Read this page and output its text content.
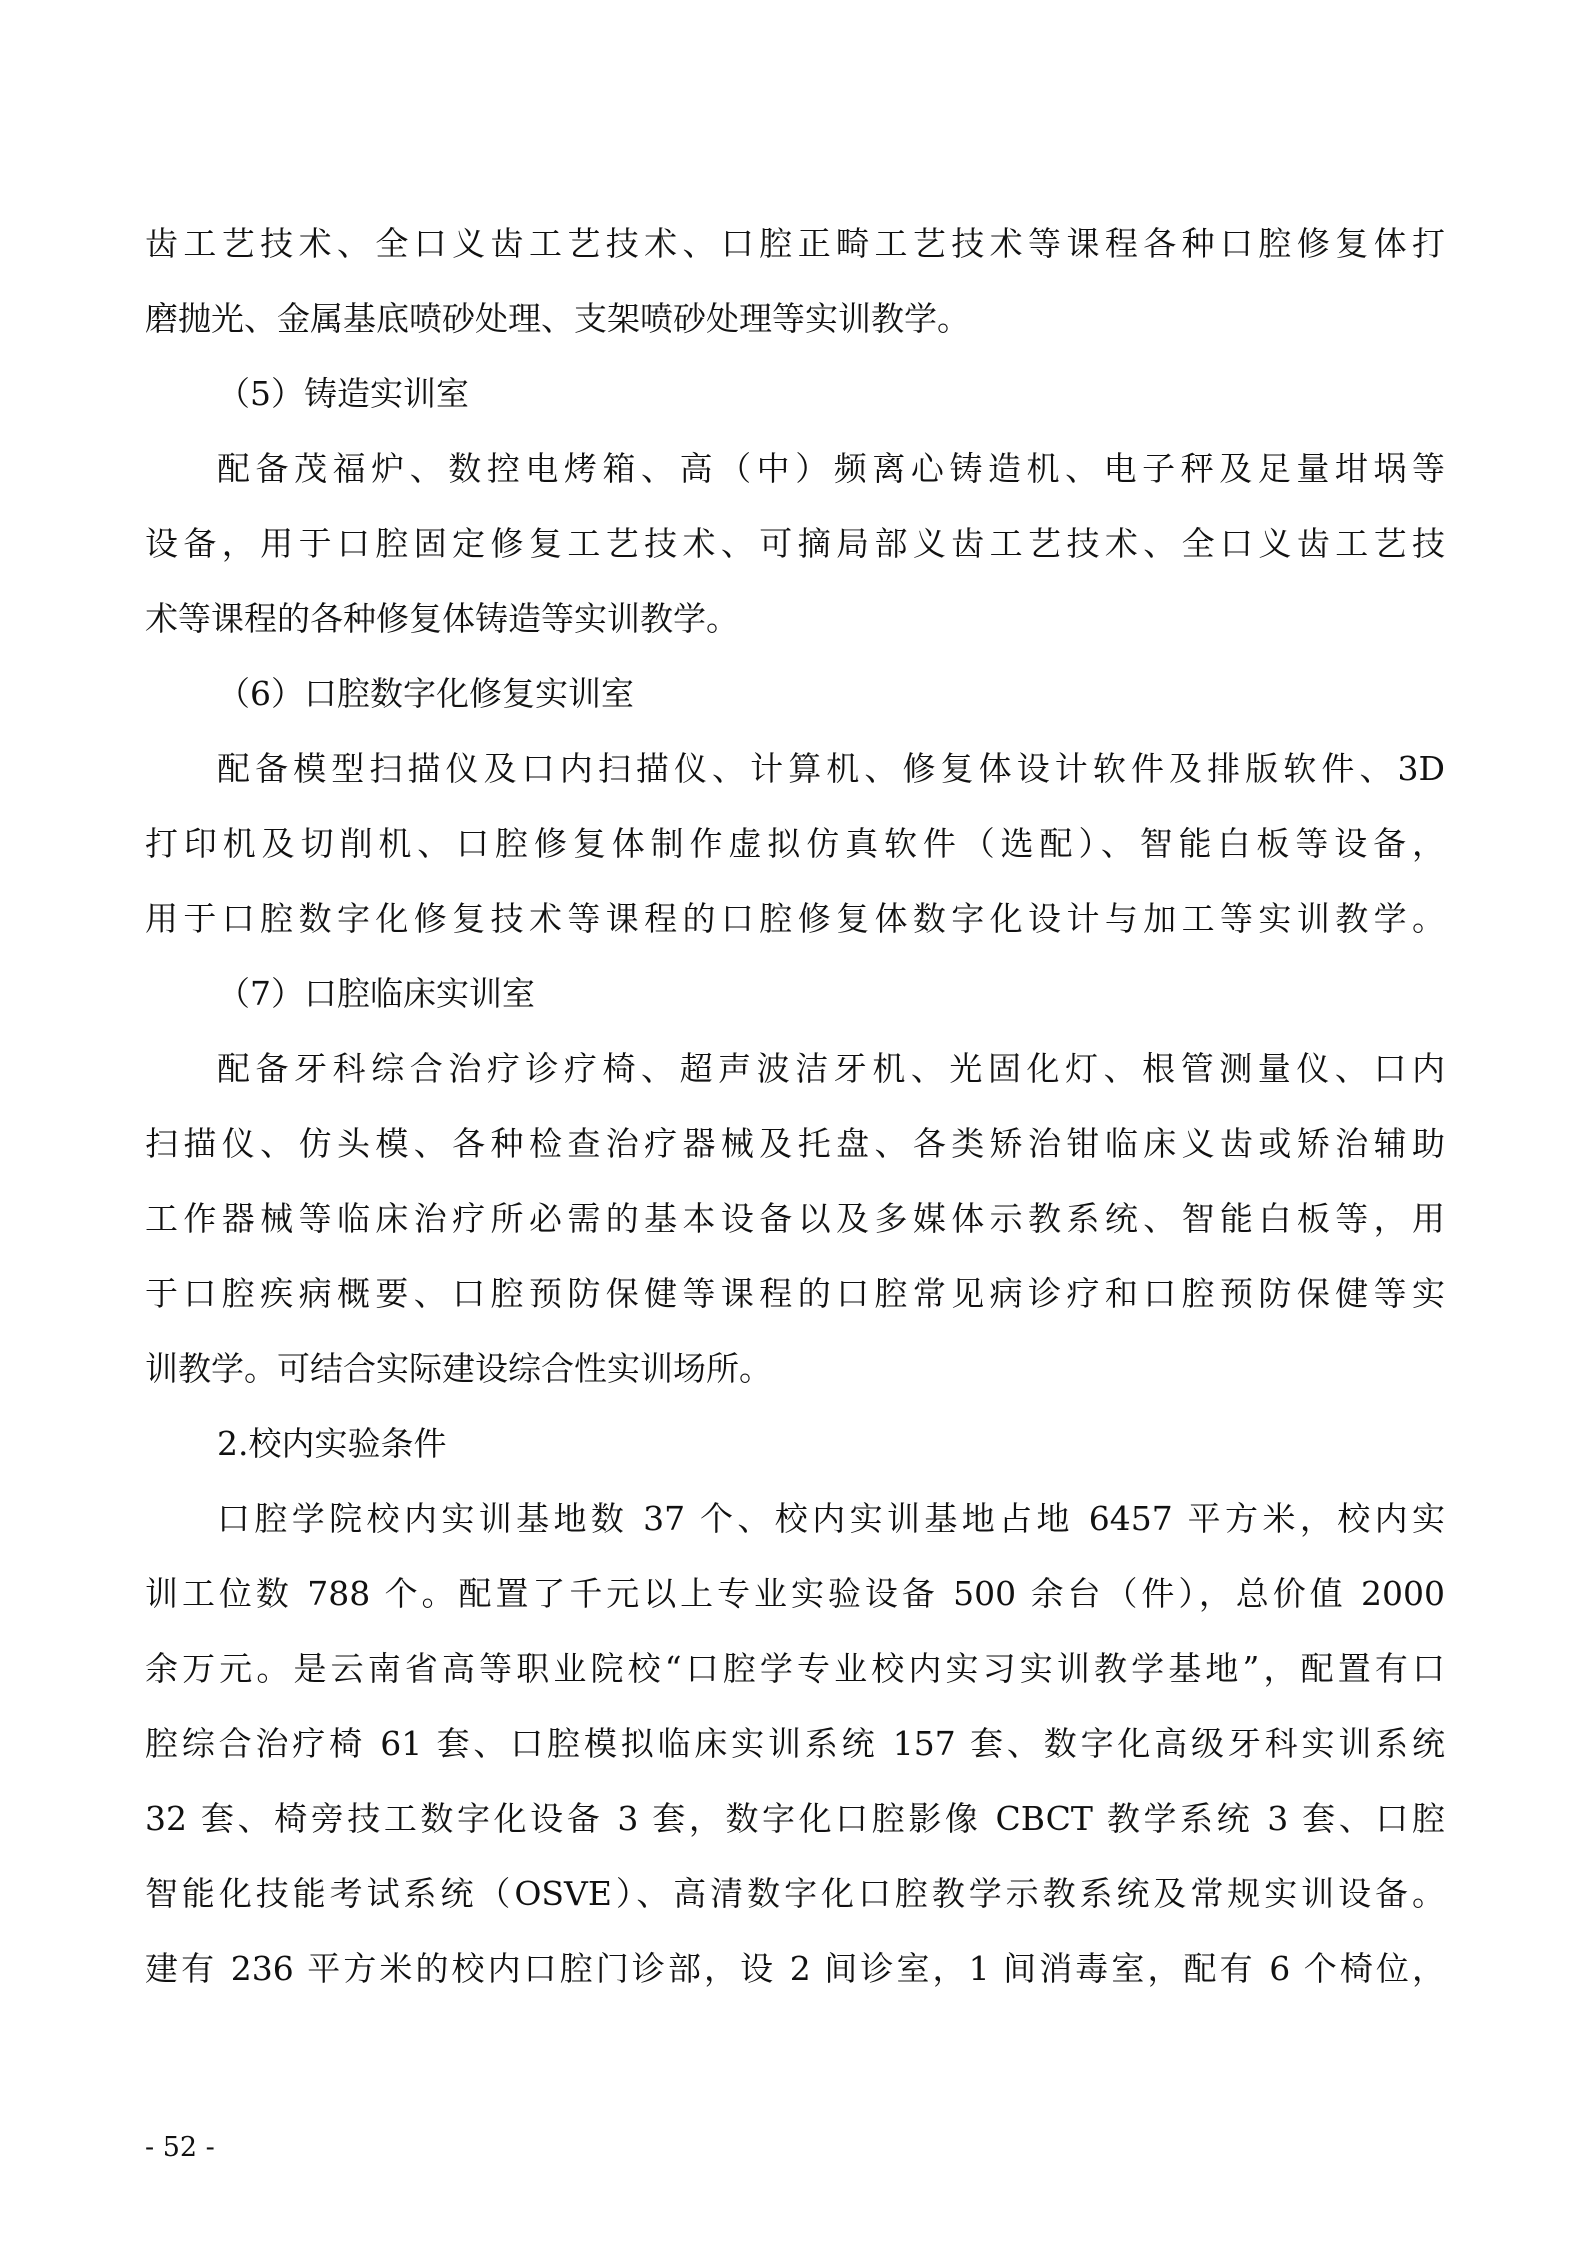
齿工艺技术、全口义齿工艺技术、口腔正畸工艺技术等课程各种口腔修复体打
磨抛光、金属基底喷砂处理、支架喷砂处理等实训教学。
（5）铸造实训室
配备茂福炉、数控电烤箱、高（中）频离心铸造机、电子秤及足量坩埚等
设备，用于口腔固定修复工艺技术、可摘局部义齿工艺技术、全口义齿工艺技
术等课程的各种修复体铸造等实训教学。
（6）口腔数字化修复实训室
配备模型扫描仪及口内扫描仪、计算机、修复体设计软件及排版软件、3D
打印机及切削机、口腔修复体制作虚拟仿真软件（选配）、智能白板等设备，
用于口腔数字化修复技术等课程的口腔修复体数字化设计与加工等实训教学。
（7）口腔临床实训室
配备牙科综合治疗诊疗椅、超声波洁牙机、光固化灯、根管测量仪、口内
扫描仪、仿头模、各种检查治疗器械及托盘、各类矫治钳临床义齿或矫治辅助
工作器械等临床治疗所必需的基本设备以及多媒体示教系统、智能白板等，用
于口腔疾病概要、口腔预防保健等课程的口腔常见病诊疗和口腔预防保健等实
训教学。可结合实际建设综合性实训场所。
2.校内实验条件
口腔学院校内实训基地数 37 个、校内实训基地占地 6457 平方米，校内实
训工位数 788 个。配置了千元以上专业实验设备 500 余台（件），总价值 2000
余万元。是云南省高等职业院校“口腔学专业校内实习实训教学基地”，配置有口
腔综合治疗椅 61 套、口腔模拟临床实训系统 157 套、数字化高级牙科实训系统
32 套、椅旁技工数字化设备 3 套，数字化口腔影像 CBCT 教学系统 3 套、口腔
智能化技能考试系统（OSVE）、高清数字化口腔教学示教系统及常规实训设备。
建有 236 平方米的校内口腔门诊部，设 2 间诊室，1 间消毒室，配有 6 个椅位，
- 52 -
